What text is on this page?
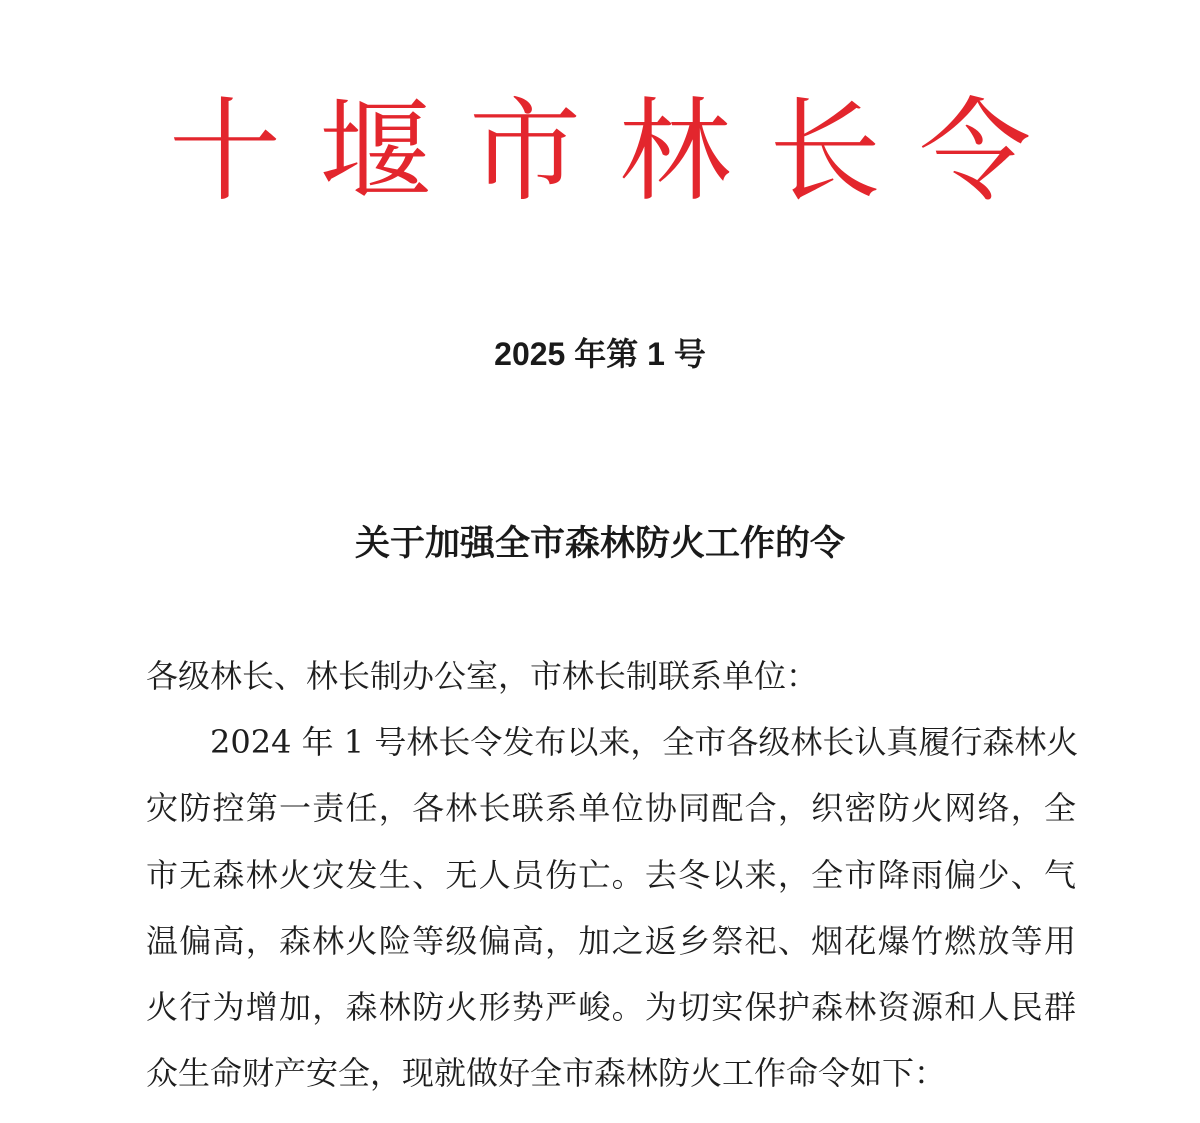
十堰市林长令
2025 年第 1 号
关于加强全市森林防火工作的令
各级林长、林长制办公室，市林长制联系单位：
2024 年 1 号林长令发布以来，全市各级林长认真履行森林火
灾防控第一责任，各林长联系单位协同配合，织密防火网络，全
市无森林火灾发生、无人员伤亡。去冬以来，全市降雨偏少、气
温偏高，森林火险等级偏高，加之返乡祭祀、烟花爆竹燃放等用
火行为增加，森林防火形势严峻。为切实保护森林资源和人民群
众生命财产安全，现就做好全市森林防火工作命令如下：
